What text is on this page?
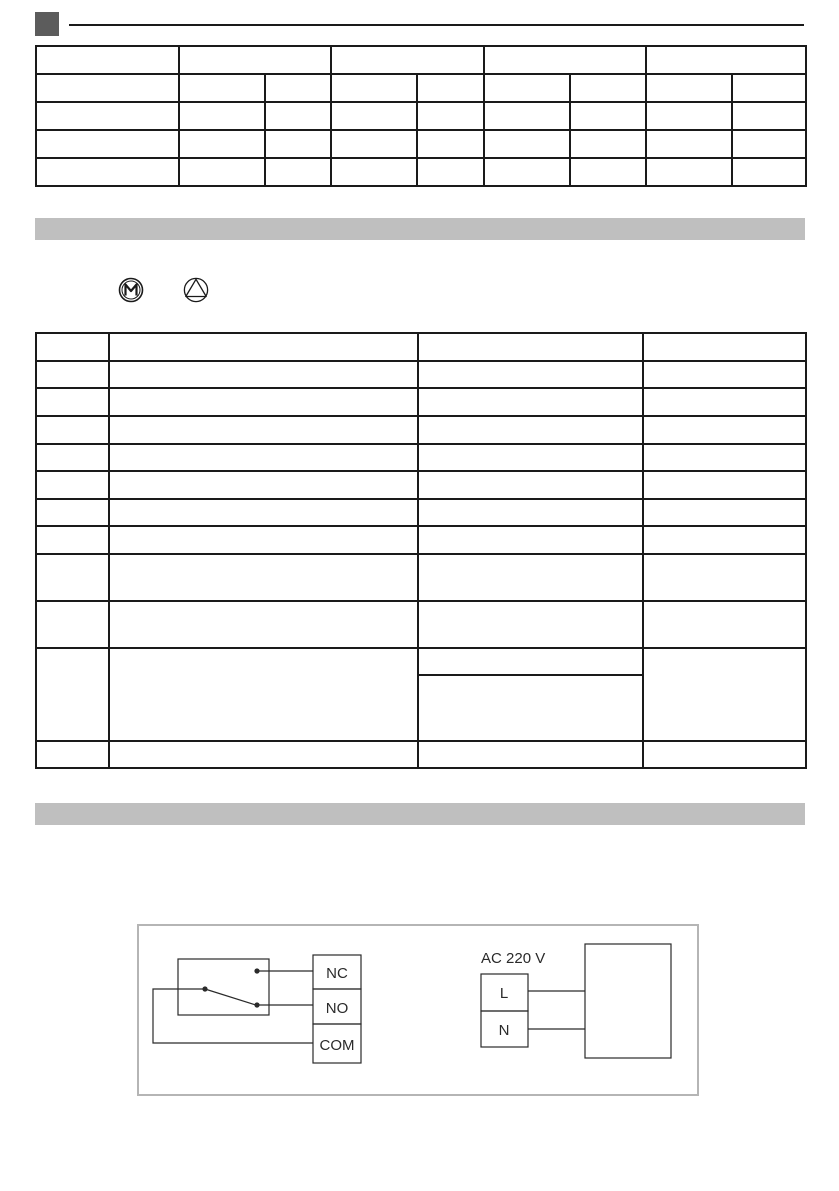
NC
NO
COM
AC 220 V
L
N
